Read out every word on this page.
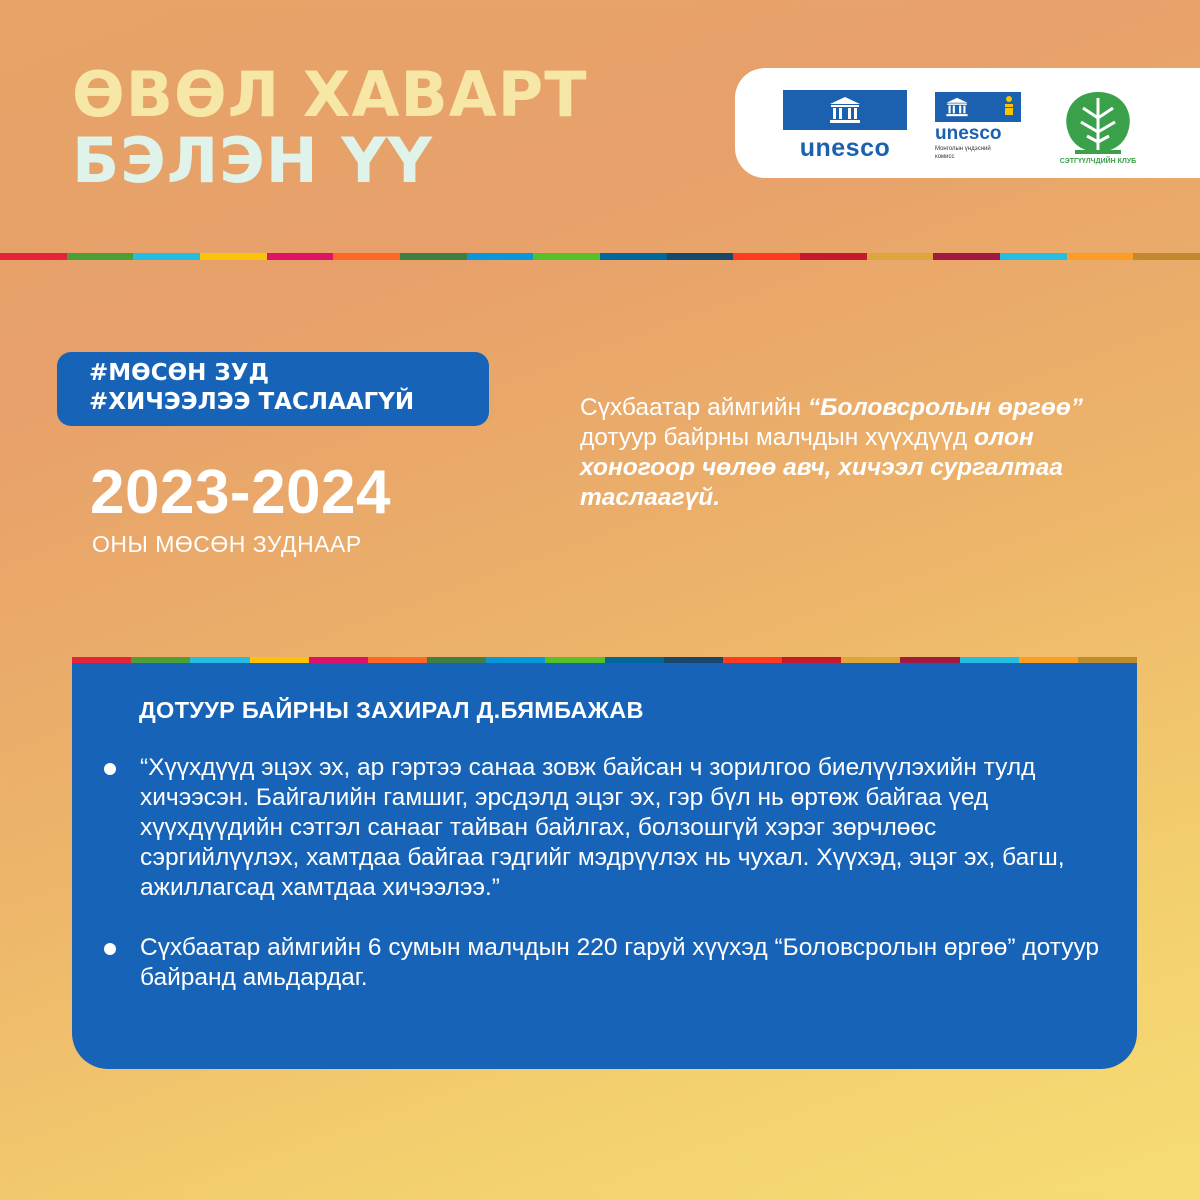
ӨВӨЛ ХАВАРТ
БЭЛЭН ҮҮ	unesco
unesco
Монголын үндэсний комисс
СЭТГҮҮЛЧДИЙН КЛУБ
#МӨСӨН ЗУД
#ХИЧЭЭЛЭЭ ТАСЛААГҮЙ
2023-2024
ОНЫ МӨСӨН ЗУДНААР
Сүхбаатар аймгийн “Боловсролын өргөө” дотуур байрны малчдын хүүхдүүд олон хоногоор чөлөө авч, хичээл сургалтаа таслаагүй.
ДОТУУР БАЙРНЫ ЗАХИРАЛ Д.БЯМБАЖАВ
“Хүүхдүүд эцэх эх, ар гэртээ санаа зовж байсан ч зорилгоо биелүүлэхийн тулд хичээсэн. Байгалийн гамшиг, эрсдэлд эцэг эх, гэр бүл нь өртөж байгаа үед хүүхдүүдийн сэтгэл санааг тайван байлгах, болзошгүй хэрэг зөрчлөөс сэргийлүүлэх, хамтдаа байгаа гэдгийг мэдрүүлэх нь чухал. Хүүхэд, эцэг эх, багш, ажиллагсад хамтдаа хичээлээ.”
Сүхбаатар аймгийн 6 сумын малчдын 220 гаруй хүүхэд “Боловсролын өргөө” дотуур байранд амьдардаг.
